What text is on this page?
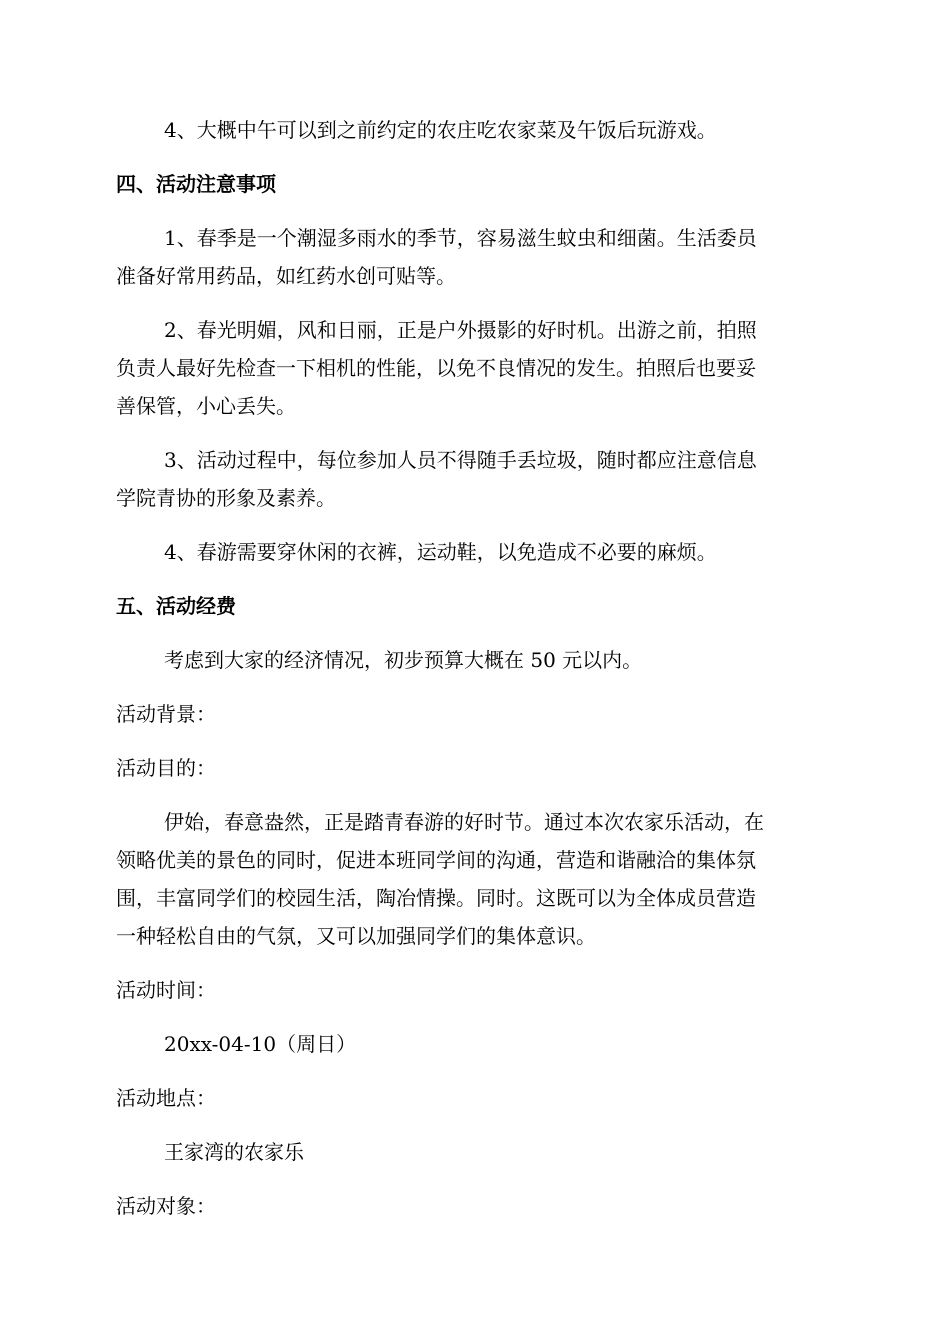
4、大概中午可以到之前约定的农庄吃农家菜及午饭后玩游戏。
四、活动注意事项
1、春季是一个潮湿多雨水的季节，容易滋生蚊虫和细菌。生活委员
准备好常用药品，如红药水创可贴等。
2、春光明媚，风和日丽，正是户外摄影的好时机。出游之前，拍照
负责人最好先检查一下相机的性能，以免不良情况的发生。拍照后也要妥
善保管，小心丢失。
3、活动过程中，每位参加人员不得随手丢垃圾，随时都应注意信息
学院青协的形象及素养。
4、春游需要穿休闲的衣裤，运动鞋，以免造成不必要的麻烦。
五、活动经费
考虑到大家的经济情况，初步预算大概在 50 元以内。
活动背景：
活动目的：
伊始，春意盎然，正是踏青春游的好时节。通过本次农家乐活动，在
领略优美的景色的同时，促进本班同学间的沟通，营造和谐融洽的集体氛
围，丰富同学们的校园生活，陶冶情操。同时。这既可以为全体成员营造
一种轻松自由的气氛，又可以加强同学们的集体意识。
活动时间：
20xx-04-10（周日）
活动地点：
王家湾的农家乐
活动对象：
